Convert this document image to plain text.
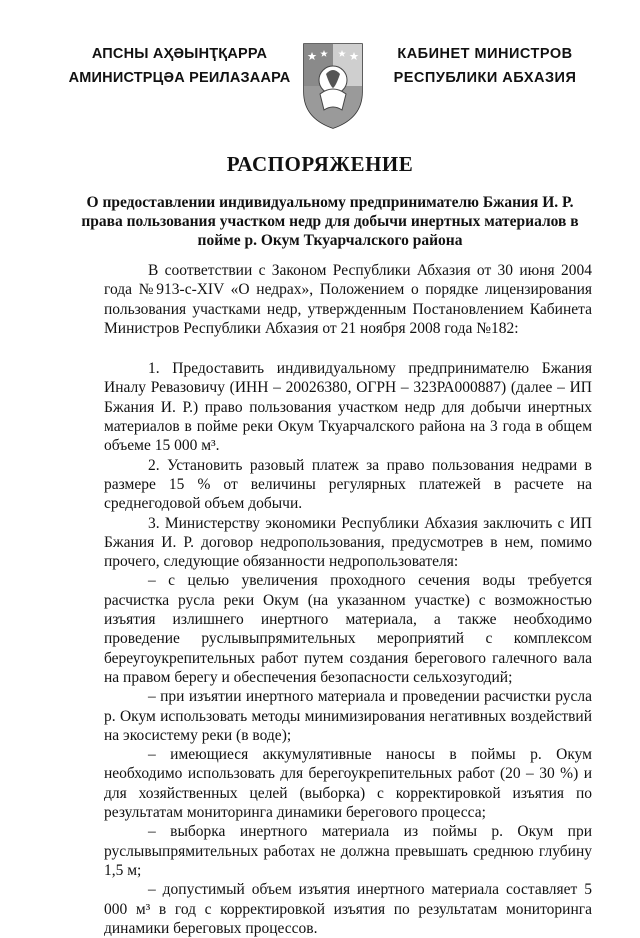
АПСНЫ АҲӘЫНҬҚАРРА
АМИНИСТРЦӘА РЕИЛАЗААРА
КАБИНЕТ МИНИСТРОВ
РЕСПУБЛИКИ АБХАЗИЯ
РАСПОРЯЖЕНИЕ
О предоставлении индивидуальному предпринимателю Бжания И. Р. права пользования участком недр для добычи инертных материалов в пойме р. Окум Ткуарчалского района

В соответствии с Законом Республики Абхазия от 30 июня 2004 года №913-с-XIV «О недрах», Положением о порядке лицензирования пользования участками недр, утвержденным Постановлением Кабинета Министров Республики Абхазия от 21 ноября 2008 года №182:

1. Предоставить индивидуальному предпринимателю Бжания Иналу Ревазовичу (ИНН – 20026380, ОГРН – 323РА000887) (далее – ИП Бжания И. Р.) право пользования участком недр для добычи инертных материалов в пойме реки Окум Ткуарчалского района на 3 года в общем объеме 15 000 м³.

2. Установить разовый платеж за право пользования недрами в размере 15 % от величины регулярных платежей в расчете на среднегодовой объем добычи.

3. Министерству экономики Республики Абхазия заключить с ИП Бжания И. Р. договор недропользования, предусмотрев в нем, помимо прочего, следующие обязанности недропользователя:

– с целью увеличения проходного сечения воды требуется расчистка русла реки Окум (на указанном участке) с возможностью изъятия излишнего инертного материала, а также необходимо проведение руслывыпрямительных мероприятий с комплексом береугоукрепительных работ путем создания берегового галечного вала на правом берегу и обеспечения безопасности сельхозугодий;

– при изъятии инертного материала и проведении расчистки русла р. Окум использовать методы минимизирования негативных воздействий на экосистему реки (в воде);

– имеющиеся аккумулятивные наносы в поймы р. Окум необходимо использовать для берегоукрепительных работ (20 – 30 %) и для хозяйственных целей (выборка) с корректировкой изъятия по результатам мониторинга динамики берегового процесса;

– выборка инертного материала из поймы р. Окум при руслывыпрямительных работах не должна превышать среднюю глубину 1,5 м;

– допустимый объем изъятия инертного материала составляет 5 000 м³ в год с корректировкой изъятия по результатам мониторинга динамики береговых процессов.
